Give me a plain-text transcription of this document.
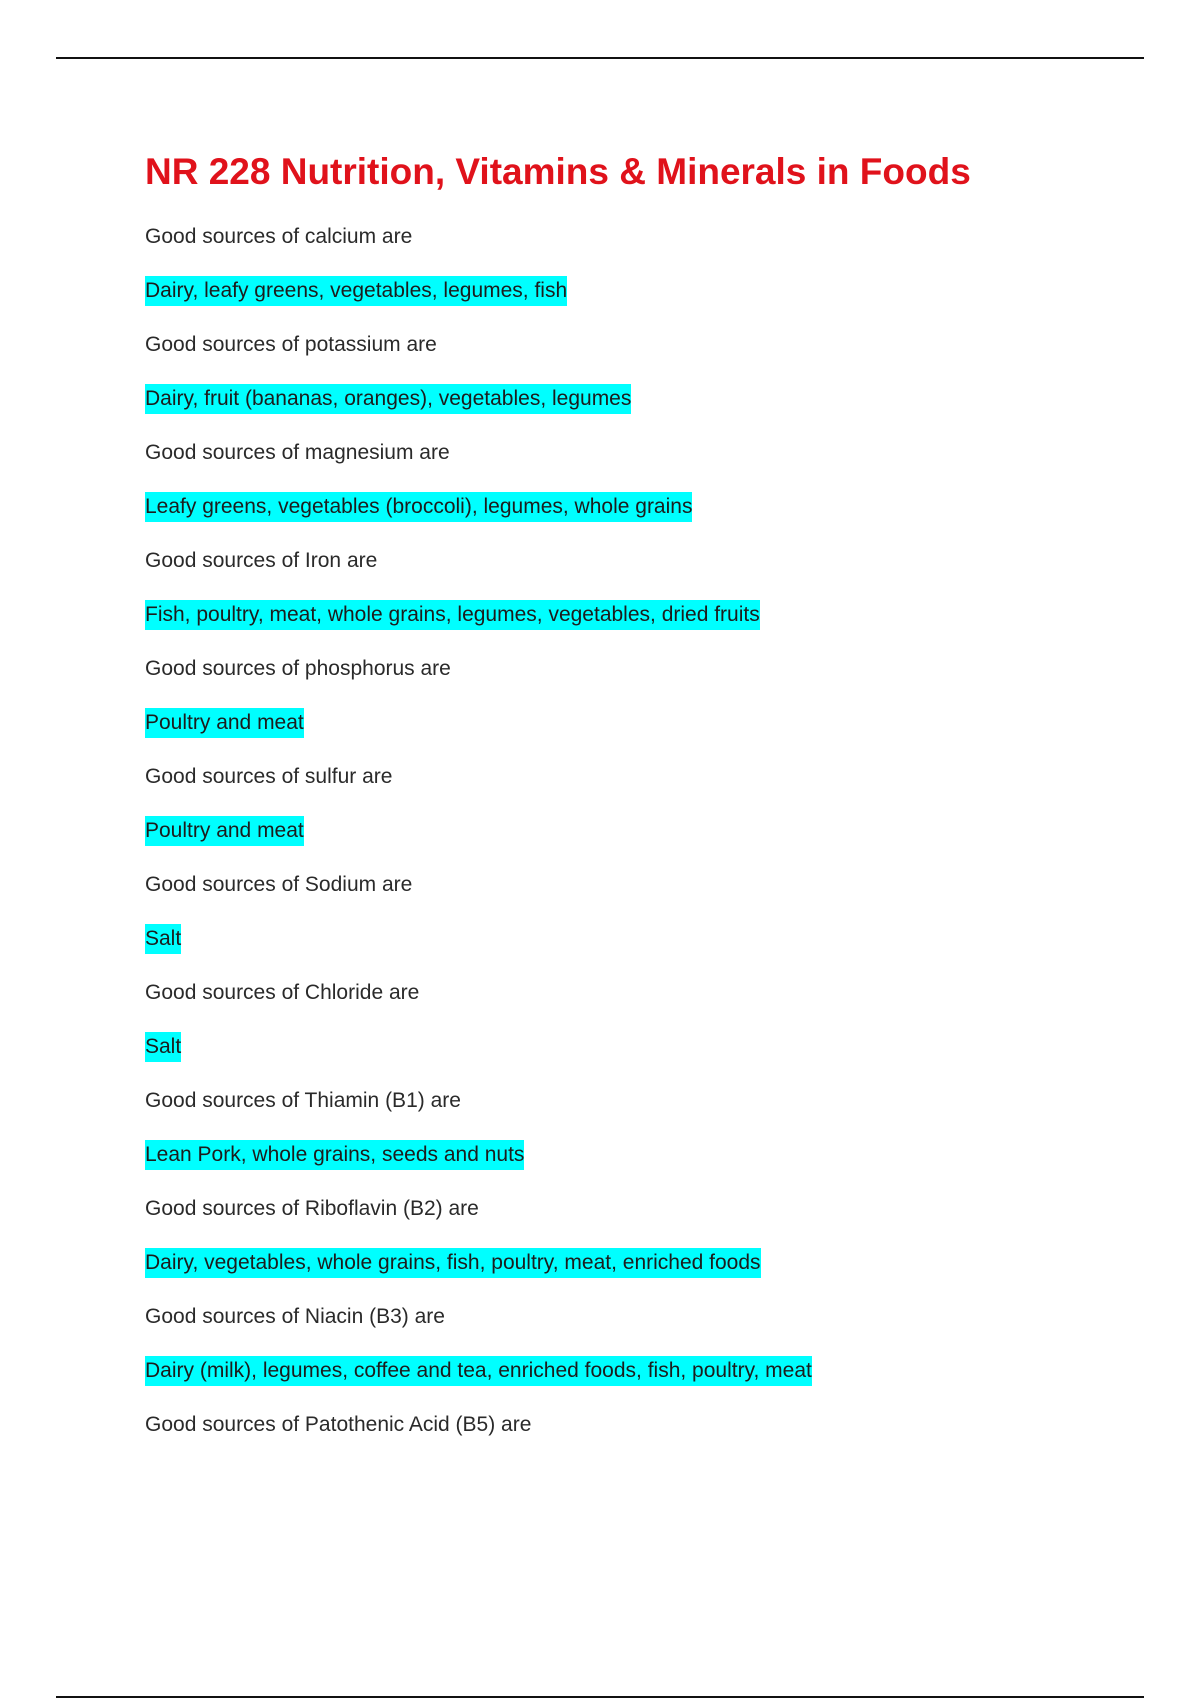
NR 228 Nutrition, Vitamins & Minerals in Foods
Good sources of calcium are
Dairy, leafy greens, vegetables, legumes, fish
Good sources of potassium are
Dairy, fruit (bananas, oranges), vegetables, legumes
Good sources of magnesium are
Leafy greens, vegetables (broccoli), legumes, whole grains
Good sources of Iron are
Fish, poultry, meat, whole grains, legumes, vegetables, dried fruits
Good sources of phosphorus are
Poultry and meat
Good sources of sulfur are
Poultry and meat
Good sources of Sodium are
Salt
Good sources of Chloride are
Salt
Good sources of Thiamin (B1) are
Lean Pork, whole grains, seeds and nuts
Good sources of Riboflavin (B2) are
Dairy, vegetables, whole grains, fish, poultry, meat, enriched foods
Good sources of Niacin (B3) are
Dairy (milk), legumes, coffee and tea, enriched foods, fish, poultry, meat
Good sources of Patothenic Acid (B5) are
